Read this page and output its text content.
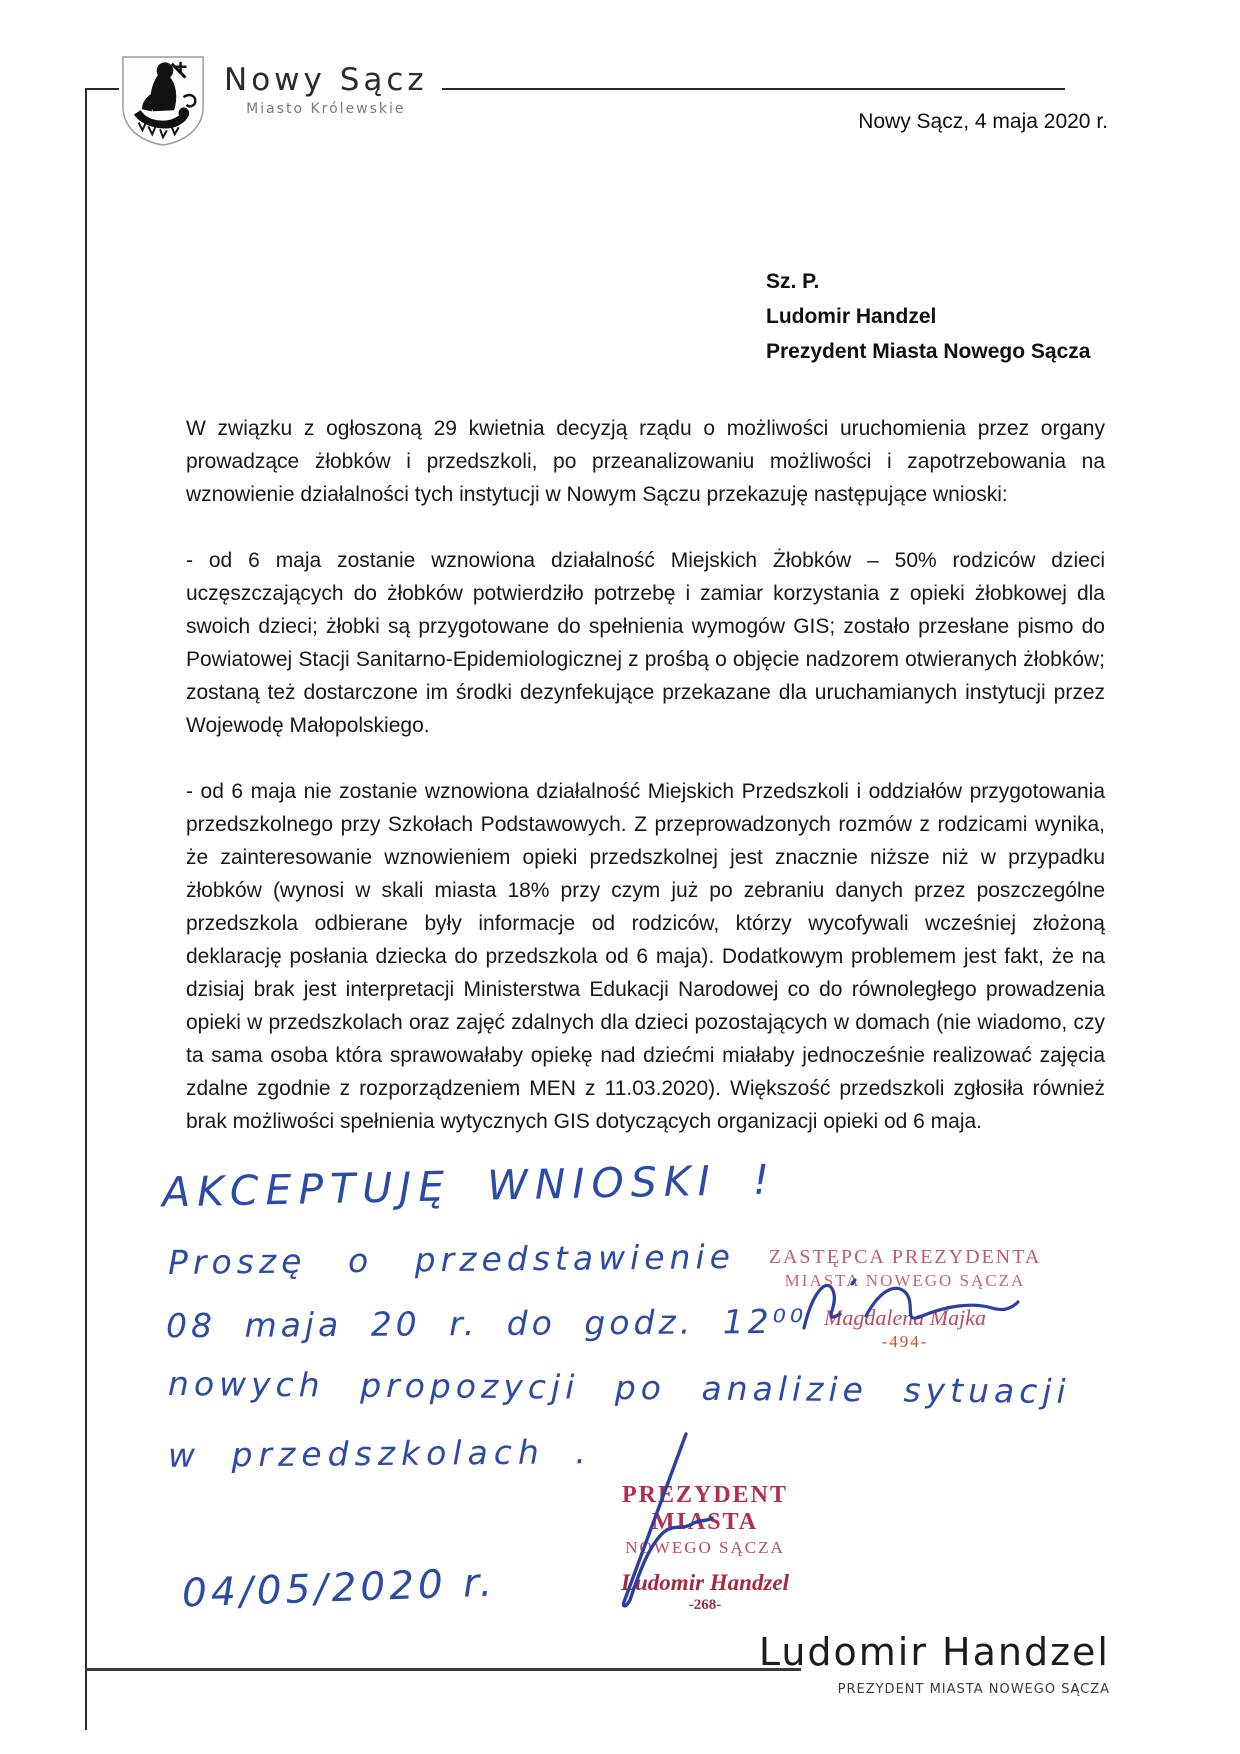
Nowy Sącz
Miasto Królewskie
Nowy Sącz, 4 maja 2020 r.
Sz. P.
Ludomir Handzel
Prezydent Miasta Nowego Sącza

W związku z ogłoszoną 29 kwietnia decyzją rządu o możliwości uruchomienia przez organy prowadzące żłobków i przedszkoli, po przeanalizowaniu możliwości i zapotrzebowania na wznowienie działalności tych instytucji w Nowym Sączu przekazuję następujące wnioski:

- od 6 maja zostanie wznowiona działalność Miejskich Żłobków – 50% rodziców dzieci uczęszczających do żłobków potwierdziło potrzebę i zamiar korzystania z opieki żłobkowej dla swoich dzieci; żłobki są przygotowane do spełnienia wymogów GIS; zostało przesłane pismo do Powiatowej Stacji Sanitarno-Epidemiologicznej z prośbą o objęcie nadzorem otwieranych żłobków; zostaną też dostarczone im środki dezynfekujące przekazane dla uruchamianych instytucji przez Wojewodę Małopolskiego.

- od 6 maja nie zostanie wznowiona działalność Miejskich Przedszkoli i oddziałów przygotowania przedszkolnego przy Szkołach Podstawowych. Z przeprowadzonych rozmów z rodzicami wynika, że zainteresowanie wznowieniem opieki przedszkolnej jest znacznie niższe niż w przypadku żłobków (wynosi w skali miasta 18% przy czym już po zebraniu danych przez poszczególne przedszkola odbierane były informacje od rodziców, którzy wycofywali wcześniej złożoną deklarację posłania dziecka do przedszkola od 6 maja). Dodatkowym problemem jest fakt, że na dzisiaj brak jest interpretacji Ministerstwa Edukacji Narodowej co do równoległego prowadzenia opieki w przedszkolach oraz zajęć zdalnych dla dzieci pozostających w domach (nie wiadomo, czy ta sama osoba która sprawowałaby opiekę nad dziećmi miałaby jednocześnie realizować zajęcia zdalne zgodnie z rozporządzeniem MEN z 11.03.2020). Większość przedszkoli zgłosiła również brak możliwości spełnienia wytycznych GIS dotyczących organizacji opieki od 6 maja.

AKCEPTUJĘ WNIOSKI !
Proszę o przedstawienie
08 maja 20 r. do godz. 12⁰⁰
nowych propozycji po analizie sytuacji
w przedszkolach .
04/05/2020 r.
ZASTĘPCA PREZYDENTA
MIASTA NOWEGO SĄCZA
Magdalena Majka
-494-
PREZYDENT MIASTA
NOWEGO SĄCZA
Ludomir Handzel
-268-
Ludomir Handzel
PREZYDENT MIASTA NOWEGO SĄCZA
